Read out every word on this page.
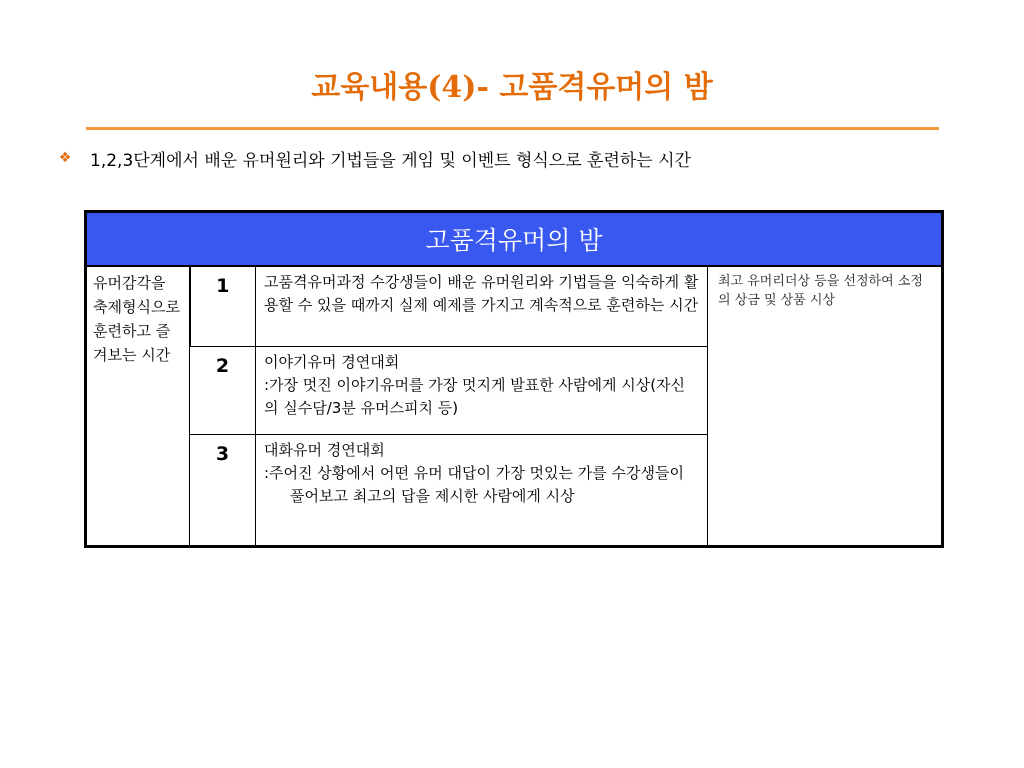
교육내용(4)- 고품격유머의 밤
❖	1,2,3단계에서 배운 유머원리와 기법들을 게임 및 이벤트 형식으로 훈련하는 시간
고품격유머의 밤			
유머감각을 축제형식으로 훈련하고 즐겨보는 시간	1	고품격유머과정 수강생들이 배운 유머원리와 기법들을 익숙하게 활용할 수 있을 때까지 실제 예제를 가지고 계속적으로 훈련하는 시간	최고 유머리더상 등을 선정하여 소정의 상금 및 상품 시상
	2	이야기유머 경연대회
:가장 멋진 이야기유머를 가장 멋지게 발표한 사람에게 시상(자신의 실수담/3분 유머스피치 등)	

	3	대화유머 경연대회
:주어진 상황에서 어떤 유머 대답이 가장 멋있는 가를 수강생들이 풀어보고 최고의 답을 제시한 사람에게 시상	
